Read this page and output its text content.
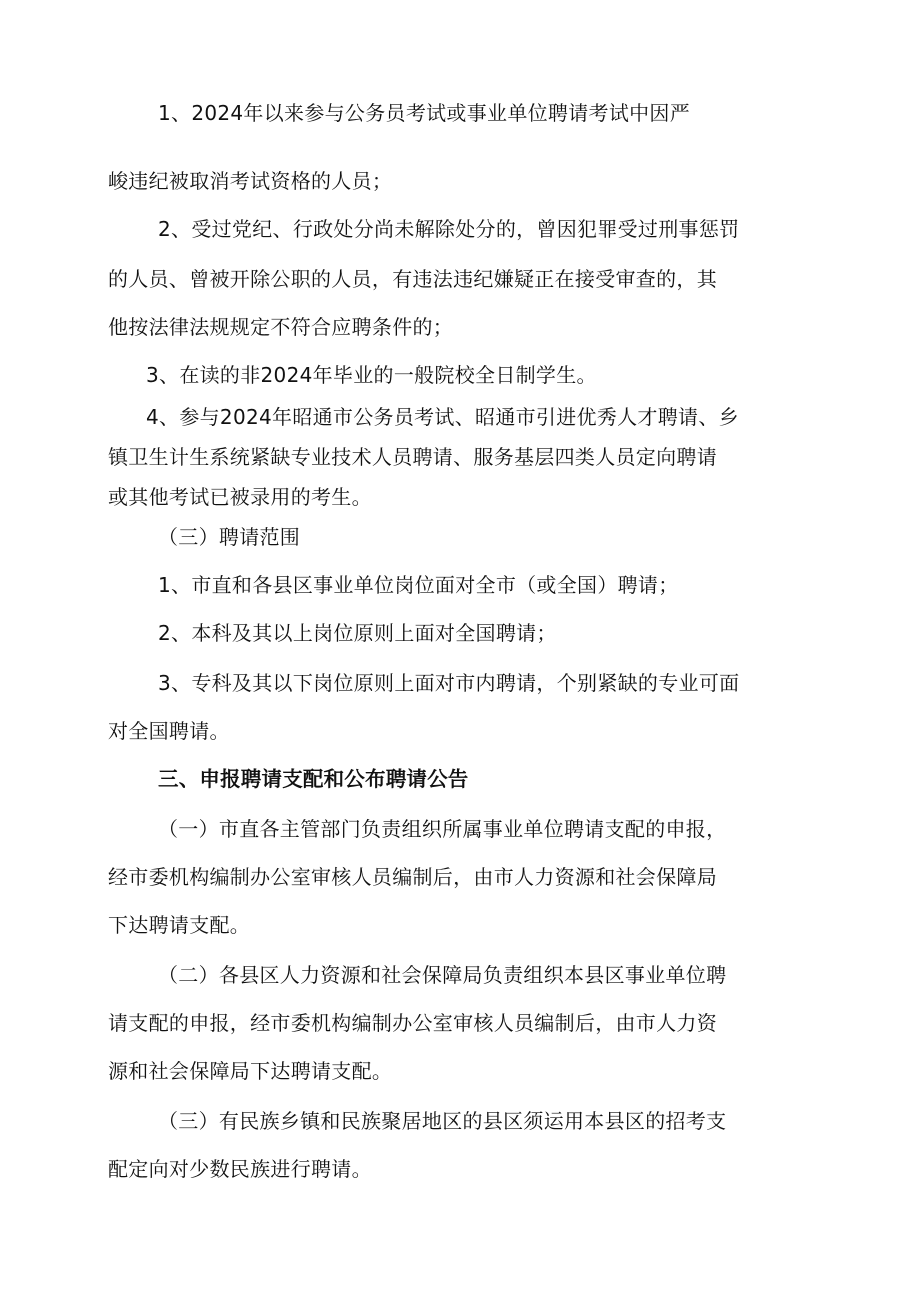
1、2024年以来参与公务员考试或事业单位聘请考试中因严

峻违纪被取消考试资格的人员；

2、受过党纪、行政处分尚未解除处分的，曾因犯罪受过刑事惩罚

的人员、曾被开除公职的人员，有违法违纪嫌疑正在接受审查的，其

他按法律法规规定不符合应聘条件的；

3、在读的非2024年毕业的一般院校全日制学生。

4、参与2024年昭通市公务员考试、昭通市引进优秀人才聘请、乡

镇卫生计生系统紧缺专业技术人员聘请、服务基层四类人员定向聘请

或其他考试已被录用的考生。

（三）聘请范围

1、市直和各县区事业单位岗位面对全市（或全国）聘请；

2、本科及其以上岗位原则上面对全国聘请；

3、专科及其以下岗位原则上面对市内聘请，个别紧缺的专业可面

对全国聘请。

三、申报聘请支配和公布聘请公告

（一）市直各主管部门负责组织所属事业单位聘请支配的申报，

经市委机构编制办公室审核人员编制后，由市人力资源和社会保障局

下达聘请支配。

（二）各县区人力资源和社会保障局负责组织本县区事业单位聘

请支配的申报，经市委机构编制办公室审核人员编制后，由市人力资

源和社会保障局下达聘请支配。

（三）有民族乡镇和民族聚居地区的县区须运用本县区的招考支

配定向对少数民族进行聘请。
